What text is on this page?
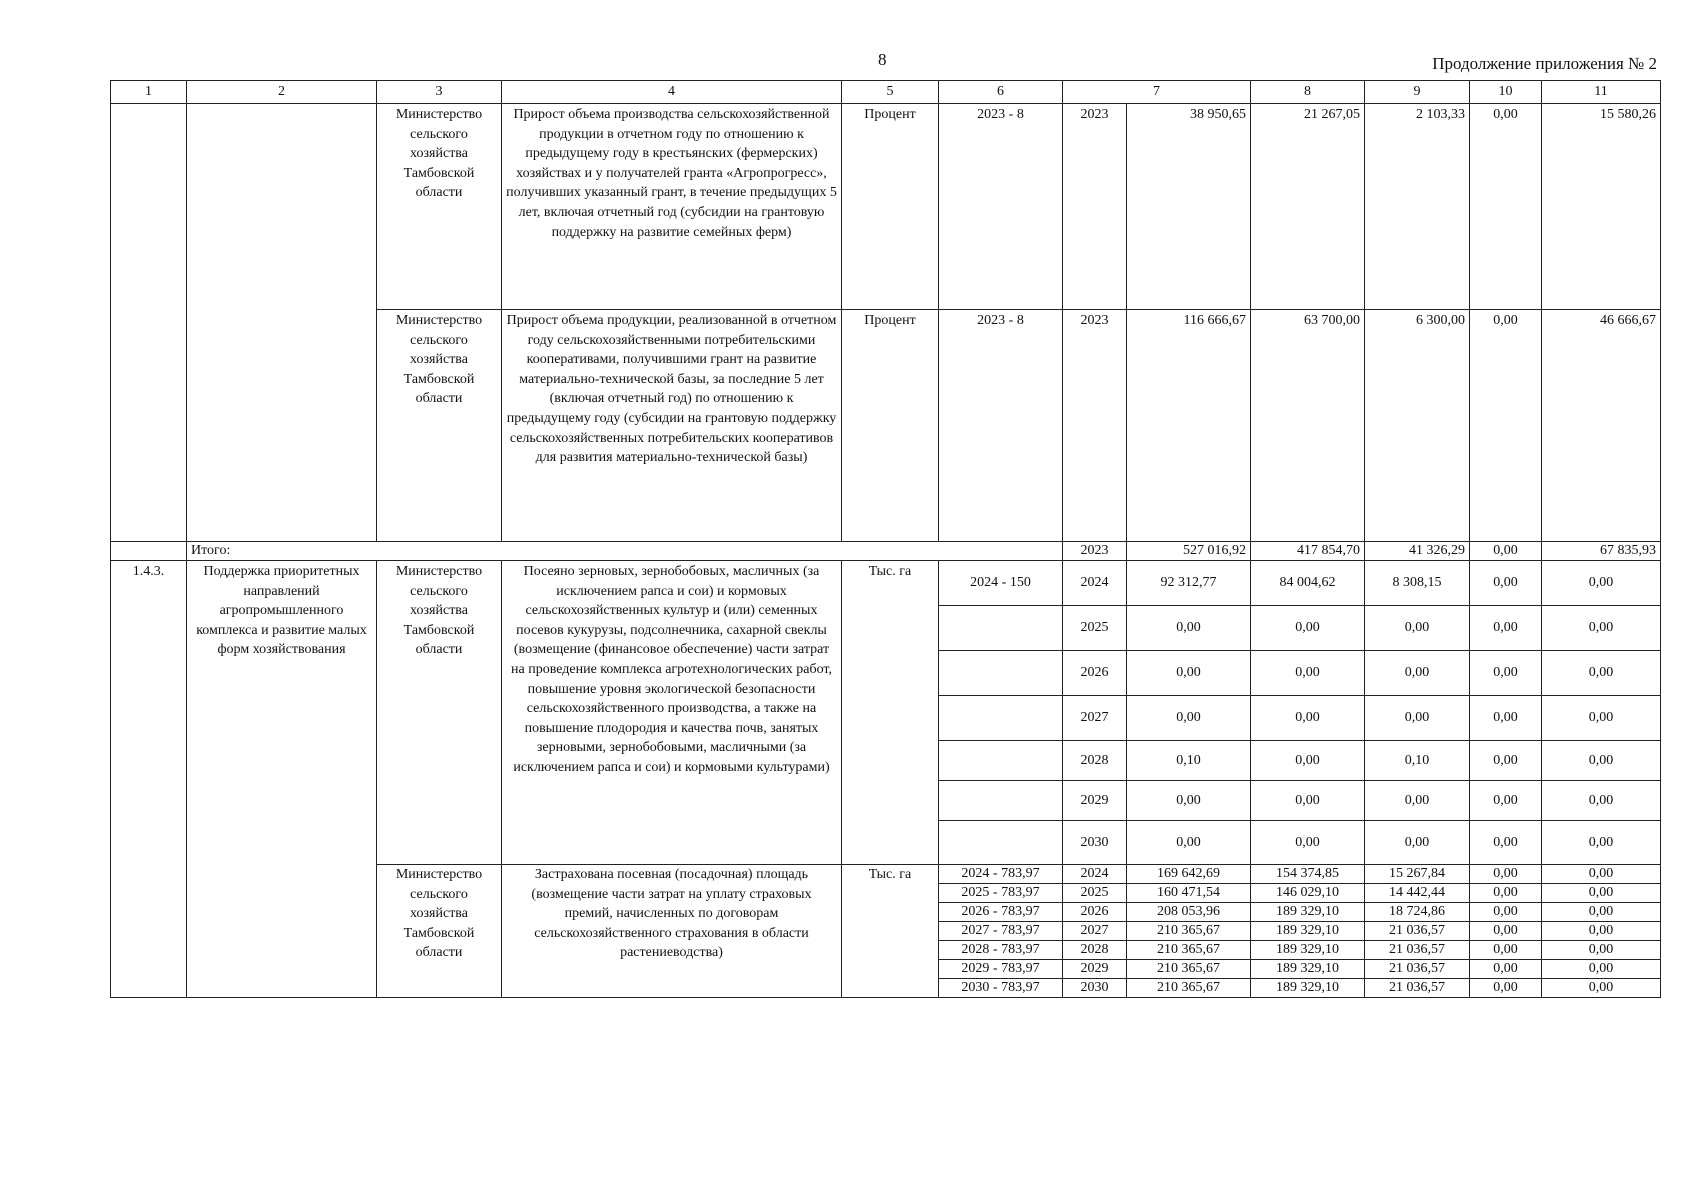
8	Продолжение приложения № 2
1	2	3	4	5	6	7		8	9	10	11
		Министерство сельского хозяйства Тамбовской области	Прирост объема производства сельскохозяйственной продукции в отчетном году по отношению к предыдущему году в крестьянских (фермерских) хозяйствах и у получателей гранта «Агропрогресс», получивших указанный грант, в течение предыдущих 5 лет, включая отчетный год (субсидии на грантовую поддержку на развитие семейных ферм)	Процент	2023 - 8	2023	38 950,65	21 267,05	2 103,33	0,00	15 580,26
		Министерство сельского хозяйства Тамбовской области	Прирост объема продукции, реализованной в отчетном году сельскохозяйственными потребительскими кооперативами, получившими грант на развитие материально-технической базы, за последние 5 лет (включая отчетный год) по отношению к предыдущему году (субсидии на грантовую поддержку сельскохозяйственных потребительских кооперативов для развития материально-технической базы)	Процент	2023 - 8	2023	116 666,67	63 700,00	6 300,00	0,00	46 666,67
	Итого:					2023	527 016,92	417 854,70	41 326,29	0,00	67 835,93
1.4.3.	Поддержка приоритетных направлений агропромышленного комплекса и развитие малых форм хозяйствования	Министерство сельского хозяйства Тамбовской области	Посеяно зерновых, зернобобовых, масличных (за исключением рапса и сои) и кормовых сельскохозяйственных культур и (или) семенных посевов кукурузы, подсолнечника, сахарной свеклы (возмещение (финансовое обеспечение) части затрат на проведение комплекса агротехнологических работ, повышение уровня экологической безопасности сельскохозяйственного производства, а также на повышение плодородия и качества почв, занятых зерновыми, зернобобовыми, масличными (за исключением рапса и сои) и кормовыми культурами)	Тыс. га	2024 - 150	2024	92 312,77	84 004,62	8 308,15	0,00	0,00
						2025	0,00	0,00	0,00	0,00	0,00
						2026	0,00	0,00	0,00	0,00	0,00
						2027	0,00	0,00	0,00	0,00	0,00
						2028	0,10	0,00	0,10	0,00	0,00
						2029	0,00	0,00	0,00	0,00	0,00
						2030	0,00	0,00	0,00	0,00	0,00
		Министерство сельского хозяйства Тамбовской области	Застрахована посевная (посадочная) площадь (возмещение части затрат на уплату страховых премий, начисленных по договорам сельскохозяйственного страхования в области растениеводства)	Тыс. га	2024 - 783,97	2024	169 642,69	154 374,85	15 267,84	0,00	0,00
					2025 - 783,97	2025	160 471,54	146 029,10	14 442,44	0,00	0,00
					2026 - 783,97	2026	208 053,96	189 329,10	18 724,86	0,00	0,00
					2027 - 783,97	2027	210 365,67	189 329,10	21 036,57	0,00	0,00
					2028 - 783,97	2028	210 365,67	189 329,10	21 036,57	0,00	0,00
					2029 - 783,97	2029	210 365,67	189 329,10	21 036,57	0,00	0,00
					2030 - 783,97	2030	210 365,67	189 329,10	21 036,57	0,00	0,00
